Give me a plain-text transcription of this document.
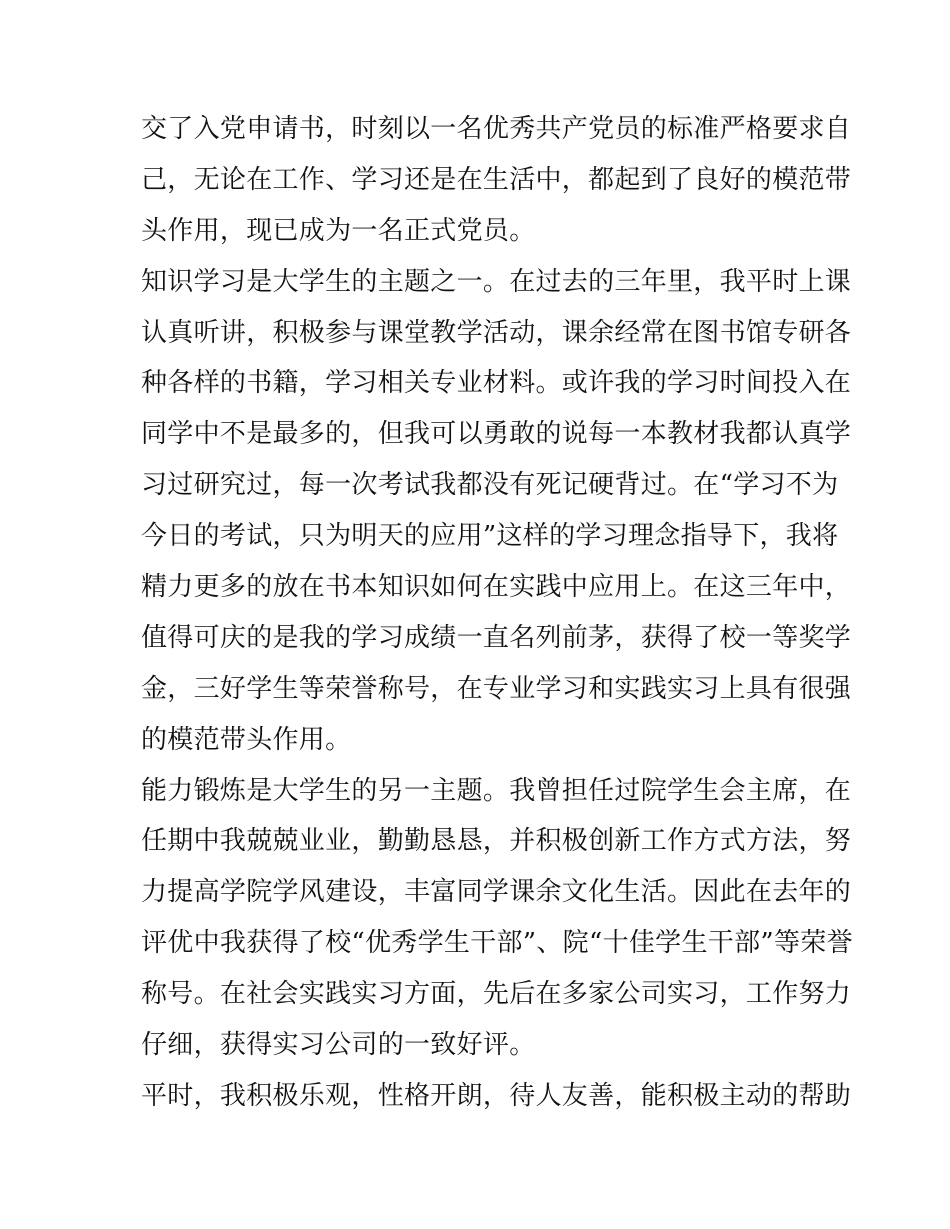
交了入党申请书，时刻以一名优秀共产党员的标准严格要求自
己，无论在工作、学习还是在生活中，都起到了良好的模范带
头作用，现已成为一名正式党员。
知识学习是大学生的主题之一。在过去的三年里，我平时上课
认真听讲，积极参与课堂教学活动，课余经常在图书馆专研各
种各样的书籍，学习相关专业材料。或许我的学习时间投入在
同学中不是最多的，但我可以勇敢的说每一本教材我都认真学
习过研究过，每一次考试我都没有死记硬背过。在“学习不为
今日的考试，只为明天的应用”这样的学习理念指导下，我将
精力更多的放在书本知识如何在实践中应用上。在这三年中，
值得可庆的是我的学习成绩一直名列前茅，获得了校一等奖学
金，三好学生等荣誉称号，在专业学习和实践实习上具有很强
的模范带头作用。
能力锻炼是大学生的另一主题。我曾担任过院学生会主席，在
任期中我兢兢业业，勤勤恳恳，并积极创新工作方式方法，努
力提高学院学风建设，丰富同学课余文化生活。因此在去年的
评优中我获得了校“优秀学生干部”、院“十佳学生干部”等荣誉
称号。在社会实践实习方面，先后在多家公司实习，工作努力
仔细，获得实习公司的一致好评。
平时，我积极乐观，性格开朗，待人友善，能积极主动的帮助
